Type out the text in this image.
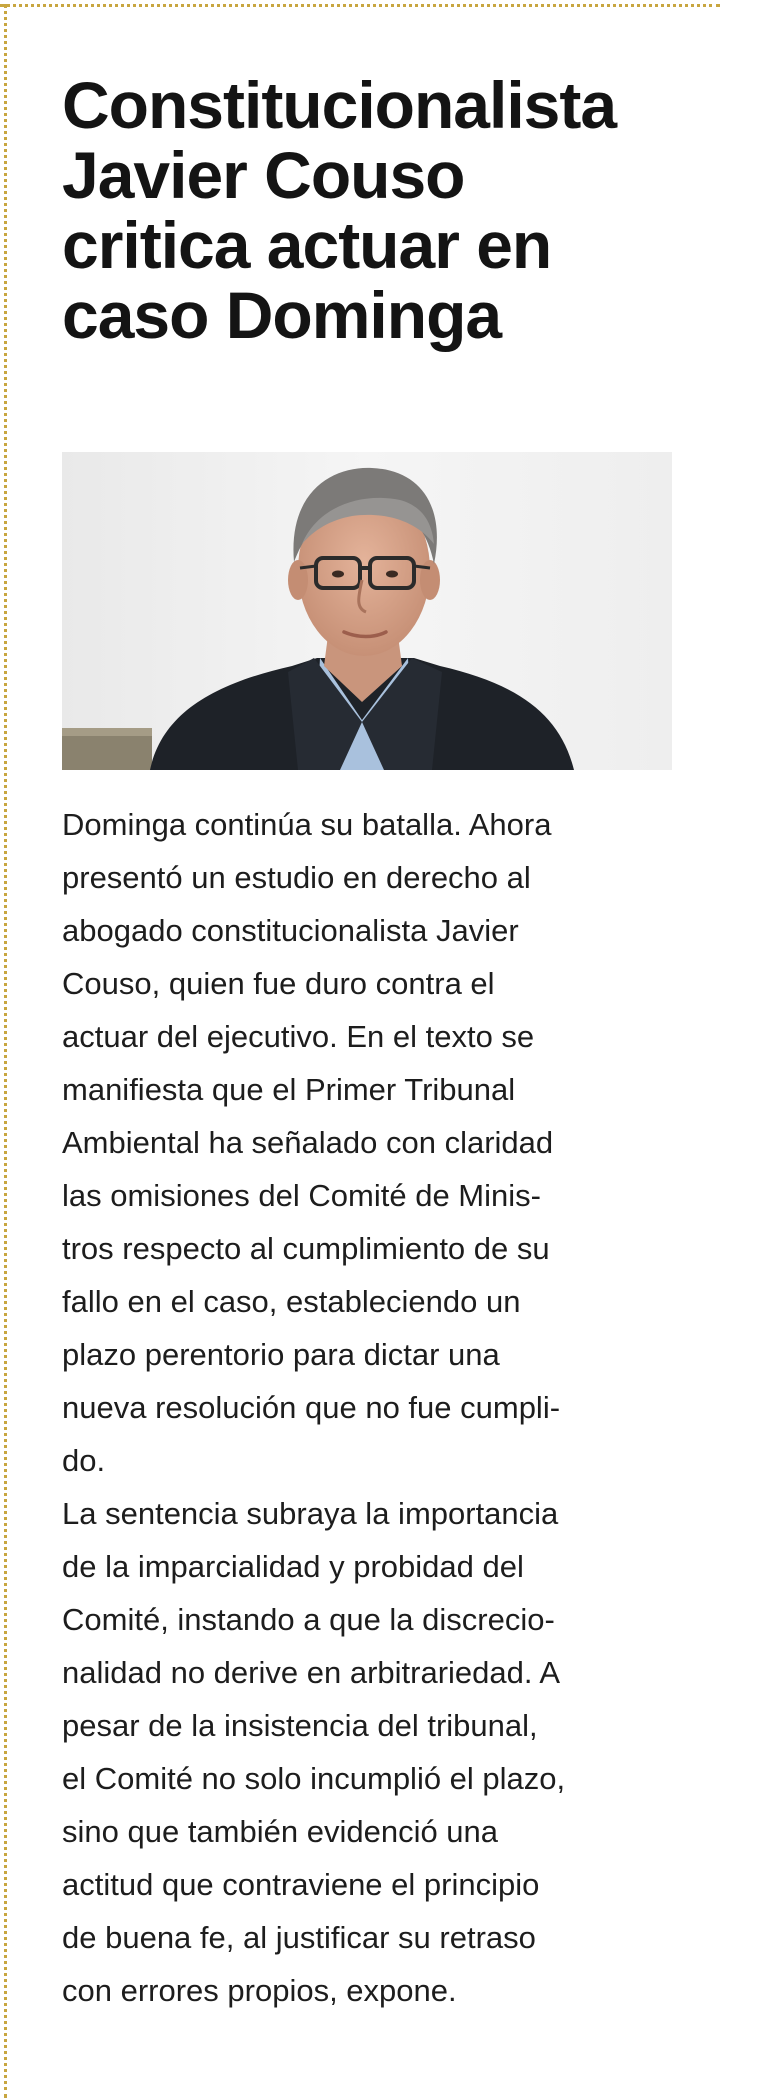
Constitucionalista
Javier Couso
critica actuar en
caso Dominga

Dominga continúa su batalla. Ahora
presentó un estudio en derecho al
abogado constitucionalista Javier
Couso, quien fue duro contra el
actuar del ejecutivo. En el texto se
manifiesta que el Primer Tribunal
Ambiental ha señalado con claridad
las omisiones del Comité de Minis-
tros respecto al cumplimiento de su
fallo en el caso, estableciendo un
plazo perentorio para dictar una
nueva resolución que no fue cumpli-
do.

La sentencia subraya la importancia
de la imparcialidad y probidad del
Comité, instando a que la discrecio-
nalidad no derive en arbitrariedad. A
pesar de la insistencia del tribunal,
el Comité no solo incumplió el plazo,
sino que también evidenció una
actitud que contraviene el principio
de buena fe, al justificar su retraso
con errores propios, expone.
